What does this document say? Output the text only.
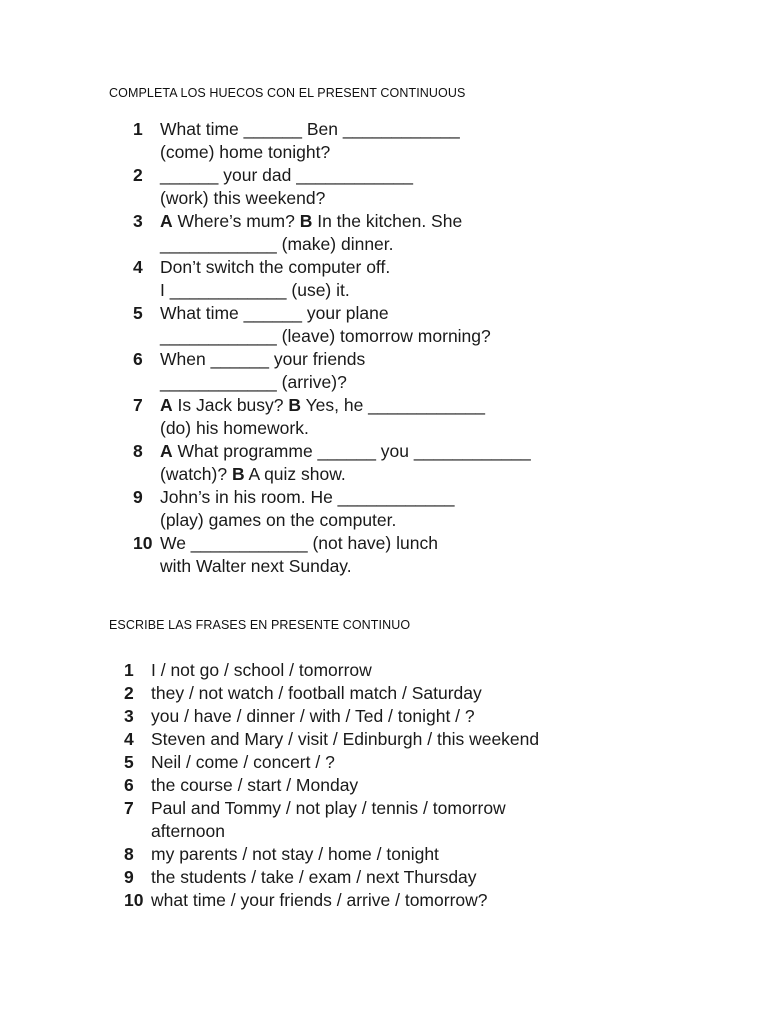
COMPLETA LOS HUECOS CON EL PRESENT CONTINUOUS
1 What time ______ Ben ____________
(come) home tonight?
2 ______ your dad ____________
(work) this weekend?
3 A Where’s mum? B In the kitchen. She
____________ (make) dinner.
4 Don’t switch the computer off.
I ____________ (use) it.
5 What time ______ your plane
____________ (leave) tomorrow morning?
6 When ______ your friends
____________ (arrive)?
7 A Is Jack busy? B Yes, he ____________
(do) his homework.
8 A What programme ______ you ____________
(watch)? B A quiz show.
9 John’s in his room. He ____________
(play) games on the computer.
10 We ____________ (not have) lunch
with Walter next Sunday.
ESCRIBE LAS FRASES EN PRESENTE CONTINUO
1 I / not go / school / tomorrow
2 they / not watch / football match / Saturday
3 you / have / dinner / with / Ted / tonight / ?
4 Steven and Mary / visit / Edinburgh / this weekend
5 Neil / come / concert / ?
6 the course / start / Monday
7 Paul and Tommy / not play / tennis / tomorrow
afternoon
8 my parents / not stay / home / tonight
9 the students / take / exam / next Thursday
10 what time / your friends / arrive / tomorrow?
